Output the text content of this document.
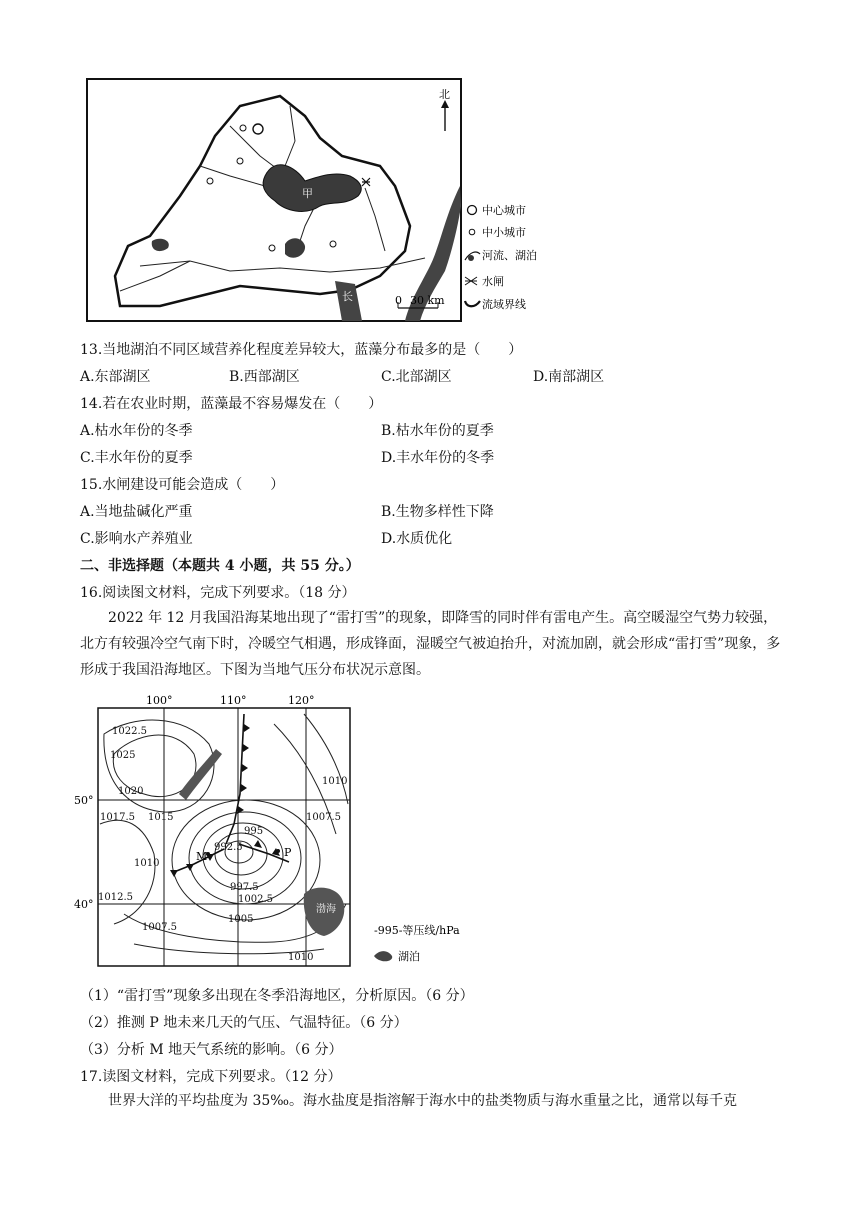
甲
长
北
0 30 km
中心城市
中小城市
河流、湖泊
水闸
流域界线
13.当地湖泊不同区域营养化程度差异较大，蓝藻分布最多的是（　　）
A.东部湖区	B.西部湖区	C.北部湖区	D.南部湖区
14.若在农业时期，蓝藻最不容易爆发在（　　）
A.枯水年份的冬季	B.枯水年份的夏季
C.丰水年份的夏季	D.丰水年份的冬季
15.水闸建设可能会造成（　　）
A.当地盐碱化严重	B.生物多样性下降
C.影响水产养殖业	D.水质优化
二、非选择题（本题共 4 小题，共 55 分。）
16.阅读图文材料，完成下列要求。（18 分）
2022 年 12 月我国沿海某地出现了“雷打雪”的现象，即降雪的同时伴有雷电产生。高空暖湿空气势力较强，北方有较强冷空气南下时，冷暖空气相遇，形成锋面，湿暖空气被迫抬升，对流加剧，就会形成“雷打雪”现象，多形成于我国沿海地区。下图为当地气压分布状况示意图。
渤海
100°	110°	120°
50°
40°
1022.5
1025
1020
1017.5 1015
1010
1012.5
1007.5
1005
1010
1007.5
1010
995
992.5
997.5
1002.5
M	P
-995-等压线/hPa
湖泊
（1）“雷打雪”现象多出现在冬季沿海地区，分析原因。（6 分）
（2）推测 P 地未来几天的气压、气温特征。（6 分）
（3）分析 M 地天气系统的影响。（6 分）
17.读图文材料，完成下列要求。（12 分）
世界大洋的平均盐度为 35‰。海水盐度是指溶解于海水中的盐类物质与海水重量之比，通常以每千克
